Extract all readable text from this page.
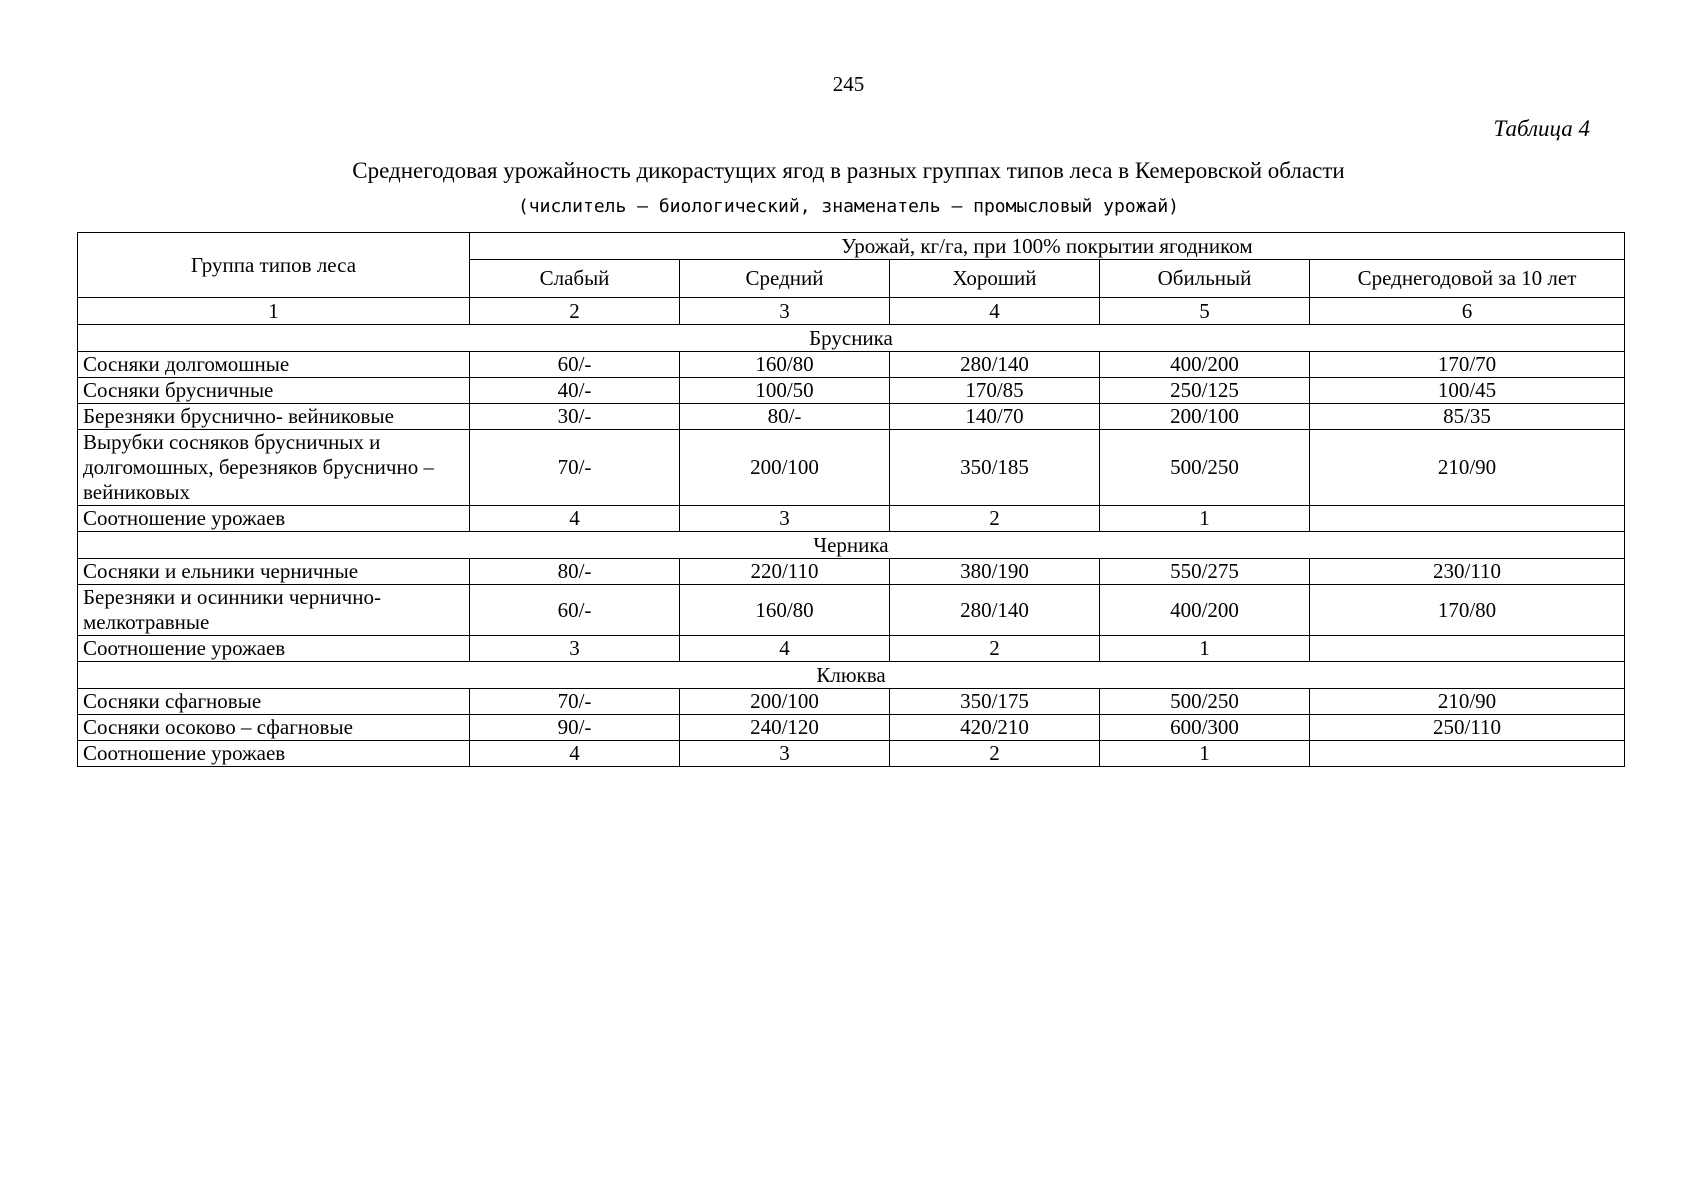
245
Таблица 4
Среднегодовая урожайность дикорастущих ягод в разных группах типов леса в Кемеровской области
(числитель – биологический, знаменатель – промысловый урожай)
Группа типов леса	Урожай, кг/га, при 100% покрытии ягодником				
	Слабый	Средний	Хороший	Обильный	Среднегодовой за 10 лет
1	2	3	4	5	6
Брусника					
Сосняки долгомошные	60/-	160/80	280/140	400/200	170/70
Сосняки брусничные	40/-	100/50	170/85	250/125	100/45
Березняки бруснично- вейниковые	30/-	80/-	140/70	200/100	85/35
Вырубки сосняков брусничных и долгомошных, березняков бруснично – вейниковых	70/-	200/100	350/185	500/250	210/90
Соотношение урожаев	4	3	2	1	
Черника					
Сосняки и ельники черничные	80/-	220/110	380/190	550/275	230/110
Березняки и осинники чернично-мелкотравные	60/-	160/80	280/140	400/200	170/80
Соотношение урожаев	3	4	2	1	
Клюква					
Сосняки сфагновые	70/-	200/100	350/175	500/250	210/90
Сосняки осоково – сфагновые	90/-	240/120	420/210	600/300	250/110
Соотношение урожаев	4	3	2	1	
